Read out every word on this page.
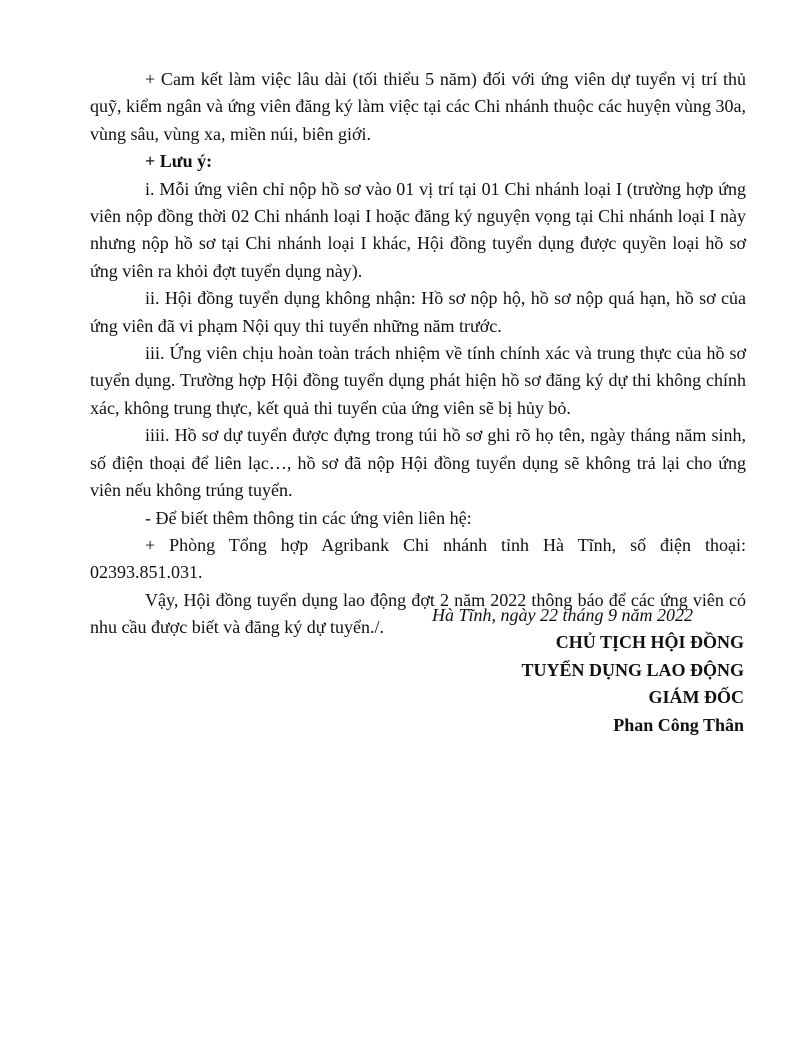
+ Cam kết làm việc lâu dài (tối thiểu 5 năm) đối với ứng viên dự tuyển vị trí thủ quỹ, kiểm ngân và ứng viên đăng ký làm việc tại các Chi nhánh thuộc các huyện vùng 30a, vùng sâu, vùng xa, miền núi, biên giới.

+ Lưu ý:

i. Mỗi ứng viên chỉ nộp hồ sơ vào 01 vị trí tại 01 Chi nhánh loại I (trường hợp ứng viên nộp đồng thời 02 Chi nhánh loại I hoặc đăng ký nguyện vọng tại Chi nhánh loại I này nhưng nộp hồ sơ tại Chi nhánh loại I khác, Hội đồng tuyển dụng được quyền loại hồ sơ ứng viên ra khỏi đợt tuyển dụng này).

ii. Hội đồng tuyển dụng không nhận: Hồ sơ nộp hộ, hồ sơ nộp quá hạn, hồ sơ của ứng viên đã vi phạm Nội quy thi tuyển những năm trước.

iii. Ứng viên chịu hoàn toàn trách nhiệm về tính chính xác và trung thực của hồ sơ tuyển dụng. Trường hợp Hội đồng tuyển dụng phát hiện hồ sơ đăng ký dự thi không chính xác, không trung thực, kết quả thi tuyển của ứng viên sẽ bị hủy bỏ.

iiii. Hồ sơ dự tuyển được đựng trong túi hồ sơ ghi rõ họ tên, ngày tháng năm sinh, số điện thoại để liên lạc…, hồ sơ đã nộp Hội đồng tuyển dụng sẽ không trả lại cho ứng viên nếu không trúng tuyển.

- Để biết thêm thông tin các ứng viên liên hệ:

+ Phòng Tổng hợp Agribank Chi nhánh tỉnh Hà Tĩnh, số điện thoại: 02393.851.031.

Vậy, Hội đồng tuyển dụng lao động đợt 2 năm 2022 thông báo để các ứng viên có nhu cầu được biết và đăng ký dự tuyển./.

Hà Tĩnh, ngày 22 tháng 9 năm 2022
CHỦ TỊCH HỘI ĐỒNG
TUYỂN DỤNG LAO ĐỘNG
GIÁM ĐỐC
Phan Công Thân
